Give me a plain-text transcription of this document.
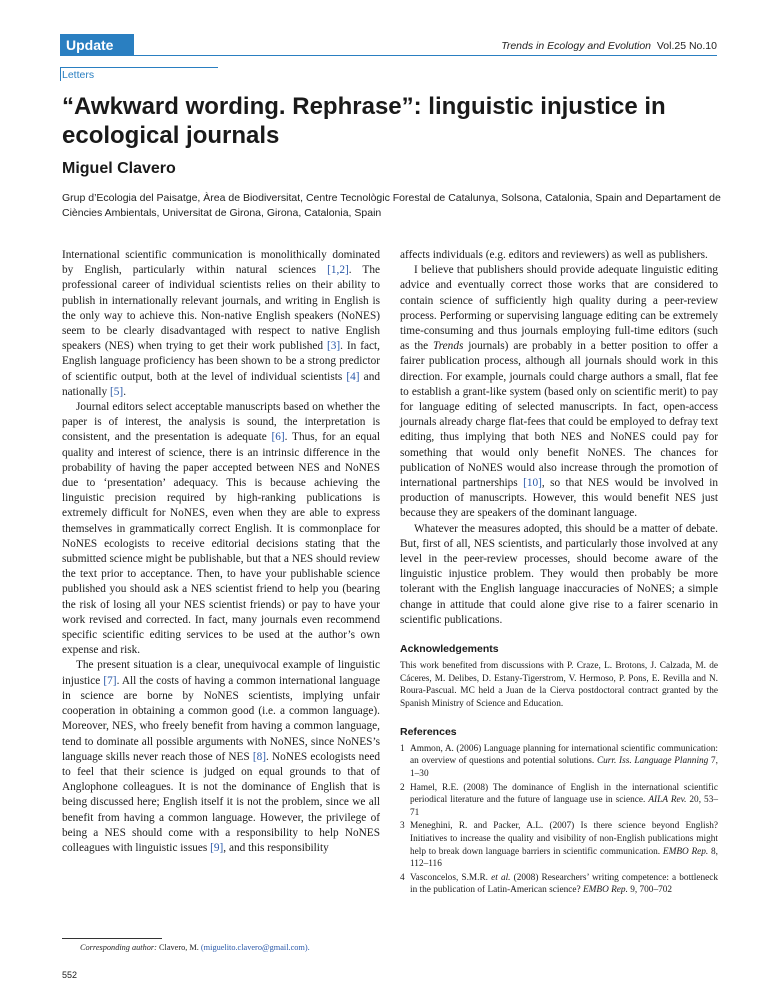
Update	Trends in Ecology and Evolution Vol.25 No.10
Letters
“Awkward wording. Rephrase”: linguistic injustice in ecological journals
Miguel Clavero
Grup d’Ecologia del Paisatge, Àrea de Biodiversitat, Centre Tecnològic Forestal de Catalunya, Solsona, Catalonia, Spain and Departament de Ciències Ambientals, Universitat de Girona, Girona, Catalonia, Spain

International scientific communication is monolithically dominated by English, particularly within natural sciences [1,2]. The professional career of individual scientists relies on their ability to publish in internationally relevant journals, and writing in English is the only way to achieve this. Non-native English speakers (NoNES) seem to be clearly disadvantaged with respect to native English speakers (NES) when trying to get their work published [3]. In fact, English language proficiency has been shown to be a strong predictor of scientific output, both at the level of individual scientists [4] and nationally [5].

Journal editors select acceptable manuscripts based on whether the paper is of interest, the analysis is sound, the interpretation is consistent, and the presentation is adequate [6]. Thus, for an equal quality and interest of science, there is an intrinsic difference in the probability of having the paper accepted between NES and NoNES due to ‘presentation’ adequacy. This is because achieving the linguistic precision required by high-ranking publications is extremely difficult for NoNES, even when they are able to express themselves in grammatically correct English. It is commonplace for NoNES ecologists to receive editorial decisions stating that the submitted science might be publishable, but that a NES should review the text prior to acceptance. Then, to have your publishable science published you should ask a NES scientist friend to help you (bearing the risk of losing all your NES scientist friends) or pay to have your work revised and corrected. In fact, many journals even recommend specific scientific editing services to be used at the author’s own expense and risk.

The present situation is a clear, unequivocal example of linguistic injustice [7]. All the costs of having a common international language in science are borne by NoNES scientists, implying unfair cooperation in obtaining a common good (i.e. a common language). Moreover, NES, who freely benefit from having a common language, tend to dominate all possible arguments with NoNES, since NoNES’s language skills never reach those of NES [8]. NoNES ecologists need to feel that their science is judged on equal grounds to that of Anglophone colleagues. It is not the dominance of English that is being discussed here; English itself it is not the problem, since we all benefit from having a common language. However, the privilege of being a NES should come with a responsibility to help NoNES colleagues with linguistic issues [9], and this responsibility

affects individuals (e.g. editors and reviewers) as well as publishers.

I believe that publishers should provide adequate linguistic editing advice and eventually correct those works that are considered to contain science of sufficiently high quality during a peer-review process. Performing or supervising language editing can be extremely time-consuming and thus journals employing full-time editors (such as the Trends journals) are probably in a better position to offer a fairer publication process, although all journals should work in this direction. For example, journals could charge authors a small, flat fee to establish a grant-like system (based only on scientific merit) to pay for language editing of selected manuscripts. In fact, open-access journals already charge flat-fees that could be employed to defray text editing, thus implying that both NES and NoNES could pay for something that would only benefit NoNES. The chances for publication of NoNES would also increase through the promotion of international partnerships [10], so that NES would be involved in production of manuscripts. However, this would benefit NES just because they are speakers of the dominant language.

Whatever the measures adopted, this should be a matter of debate. But, first of all, NES scientists, and particularly those involved at any level in the peer-review processes, should become aware of the linguistic injustice problem. They would then probably be more tolerant with the English language inaccuracies of NoNES; a simple change in attitude that could alone give rise to a fairer scenario in scientific publications.

Acknowledgements
This work benefited from discussions with P. Craze, L. Brotons, J. Calzada, M. de Cáceres, M. Delibes, D. Estany-Tigerstrom, V. Hermoso, P. Pons, E. Revilla and N. Roura-Pascual. MC held a Juan de la Cierva postdoctoral contract granted by the Spanish Ministry of Science and Education.
References
1 Ammon, A. (2006) Language planning for international scientific communication: an overview of questions and potential solutions. Curr. Iss. Language Planning 7, 1–30
2 Hamel, R.E. (2008) The dominance of English in the international scientific periodical literature and the future of language use in science. AILA Rev. 20, 53–71
3 Meneghini, R. and Packer, A.L. (2007) Is there science beyond English? Initiatives to increase the quality and visibility of non-English publications might help to break down language barriers in scientific communication. EMBO Rep. 8, 112–116
4 Vasconcelos, S.M.R. et al. (2008) Researchers’ writing competence: a bottleneck in the publication of Latin-American science? EMBO Rep. 9, 700–702
Corresponding author: Clavero, M. (miguelito.clavero@gmail.com).
552
